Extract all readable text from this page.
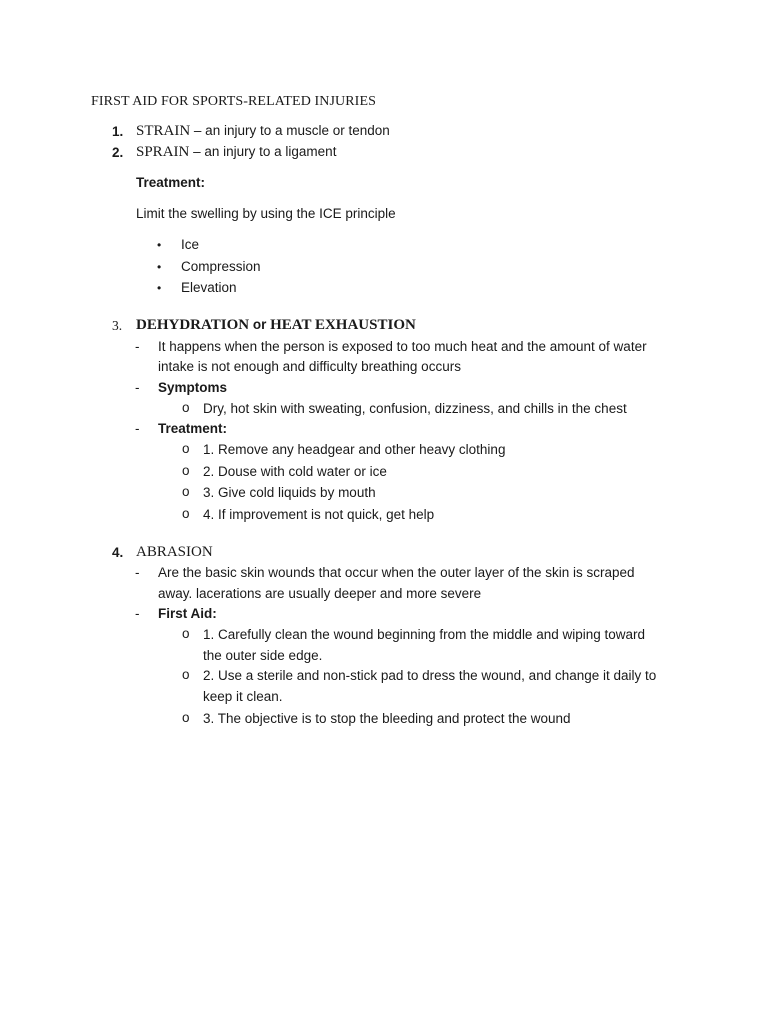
FIRST AID FOR SPORTS-RELATED INJURIES
1. STRAIN – an injury to a muscle or tendon
2. SPRAIN – an injury to a ligament
Treatment:
Limit the swelling by using the ICE principle
• Ice
• Compression
• Elevation
3. DEHYDRATION or HEAT EXHAUSTION
- It happens when the person is exposed to too much heat and the amount of water
intake is not enough and difficulty breathing occurs
- Symptoms
o Dry, hot skin with sweating, confusion, dizziness, and chills in the chest
- Treatment:
o 1. Remove any headgear and other heavy clothing
o 2. Douse with cold water or ice
o 3. Give cold liquids by mouth
o 4. If improvement is not quick, get help
4. ABRASION
- Are the basic skin wounds that occur when the outer layer of the skin is scraped
away. lacerations are usually deeper and more severe
- First Aid:
o 1. Carefully clean the wound beginning from the middle and wiping toward
the outer side edge.
o 2. Use a sterile and non-stick pad to dress the wound, and change it daily to
keep it clean.
o 3. The objective is to stop the bleeding and protect the wound
